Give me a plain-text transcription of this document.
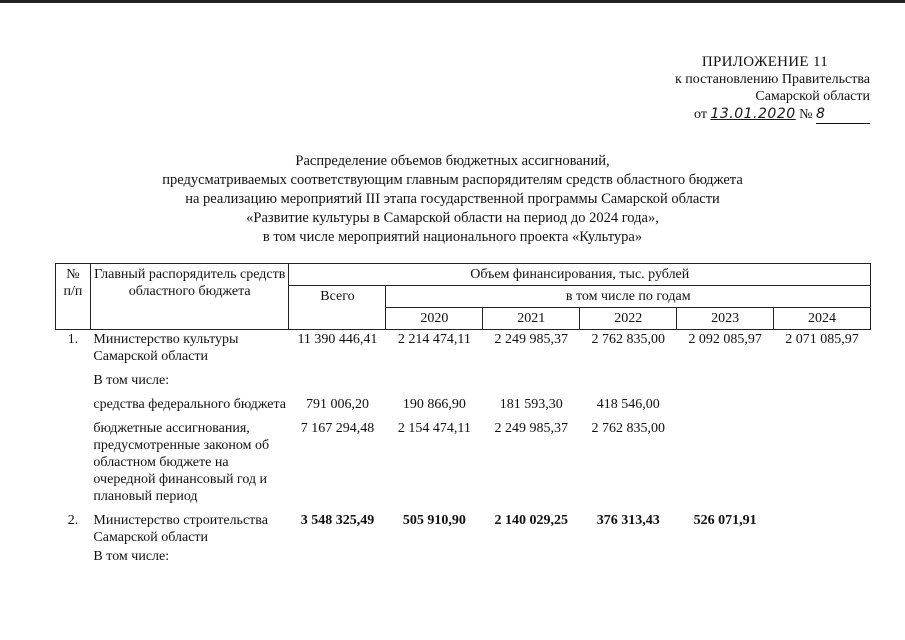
ПРИЛОЖЕНИЕ 11
к постановлению Правительства
Самарской области
от 13.01.2020 № 8
Распределение объемов бюджетных ассигнований,
предусматриваемых соответствующим главным распорядителям средств областного бюджета
на реализацию мероприятий III этапа государственной программы Самарской области
«Развитие культуры в Самарской области на период до 2024 года»,
в том числе мероприятий национального проекта «Культура»
№ п/п	Главный распорядитель средств областного бюджета	Объем финансирования, тыс. рублей					
		Всего	в том числе по годам				
			2020	2021	2022	2023	2024
1.	Министерство культуры Самарской области	11 390 446,41	2 214 474,11	2 249 985,37	2 762 835,00	2 092 085,97	2 071 085,97
	В том числе:						
	средства федерального бюджета	791 006,20	190 866,90	181 593,30	418 546,00		
	бюджетные ассигнования, предусмотренные законом об областном бюджете на очередной финансовый год и плановый период	7 167 294,48	2 154 474,11	2 249 985,37	2 762 835,00		
2.	Министерство строительства Самарской области	3 548 325,49	505 910,90	2 140 029,25	376 313,43	526 071,91	
	В том числе:						
